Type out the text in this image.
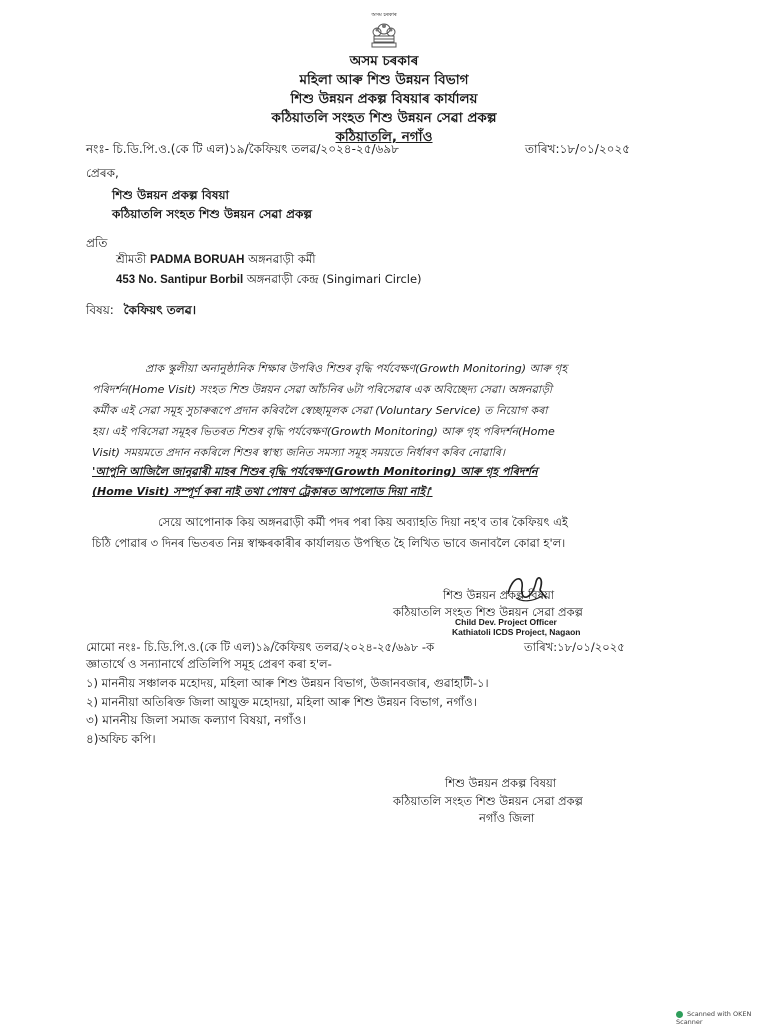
অসম চৰকাৰ
অসম চৰকাৰ
মহিলা আৰু শিশু উন্নয়ন বিভাগ
শিশু উন্নয়ন প্ৰকল্প বিষয়াৰ কাৰ্যালয়
কঠিয়াতলি সংহত শিশু উন্নয়ন সেৱা প্ৰকল্প
কঠিয়াতলি, নগাঁও
নংঃ- চি.ডি.পি.ও.(কে টি এল)১৯/কৈফিয়ৎ তলৱ/২০২৪-২৫/৬৯৮	তাৰিখ:১৮/০১/২০২৫
প্ৰেৰক,
শিশু উন্নয়ন প্ৰকল্প বিষয়া
কঠিয়াতলি সংহত শিশু উন্নয়ন সেৱা প্ৰকল্প
প্ৰতি
শ্ৰীমতী PADMA BORUAH অঙ্গনৱাড়ী কৰ্মী
453 No. Santipur Borbil অঙ্গনৱাড়ী কেন্দ্ৰ (Singimari Circle)
বিষয়: কৈফিয়ৎ তলৱ।
প্ৰাক স্কুলীয়া অনানুষ্ঠানিক শিক্ষাৰ উপৰিও শিশুৰ বৃদ্ধি পৰ্যবেক্ষণ(Growth Monitoring) আৰু গৃহ
পৰিদৰ্শন(Home Visit) সংহত শিশু উন্নয়ন সেৱা আঁচনিৰ ৬টা পৰিসেৱাৰ এক অবিচ্ছেদ্য সেৱা। অঙ্গনৱাড়ী
কৰ্মীক এই সেৱা সমূহ সুচাৰুৰূপে প্ৰদান কৰিবলৈ স্বেচ্ছামূলক সেৱা (Voluntary Service) ত নিয়োগ কৰা
হয়। এই পৰিসেৱা সমূহৰ ভিতৰত শিশুৰ বৃদ্ধি পৰ্যবেক্ষণ(Growth Monitoring) আৰু গৃহ পৰিদৰ্শন(Home
Visit) সময়মতে প্ৰদান নকৰিলে শিশুৰ স্বাস্থ্য জনিত সমস্যা সমূহ সময়তে নিৰ্ধাৰণ কৰিব নোৱাৰি।
'আপুনি আজিলৈ জানুৱাৰী মাহৰ শিশুৰ বৃদ্ধি পৰ্যবেক্ষণ(Growth Monitoring) আৰু গৃহ পৰিদৰ্শন
(Home Visit) সম্পূৰ্ণ কৰা নাই তথা পোষণ ট্ৰেকাৰত আপলোড দিয়া নাই।'
সেয়ে আপোনাক কিয় অঙ্গনৱাড়ী কৰ্মী পদৰ পৰা কিয় অব্যাহতি দিয়া নহ'ব তাৰ কৈফিয়ৎ এই
চিঠি পোৱাৰ ৩ দিনৰ ভিতৰত নিম্ন স্বাক্ষৰকাৰীৰ কাৰ্যালয়ত উপস্থিত হৈ লিখিত ভাবে জনাবলৈ কোৱা হ'ল।
শিশু উন্নয়ন প্ৰকল্প বিষয়া
কঠিয়াতলি সংহত শিশু উন্নয়ন সেৱা প্ৰকল্প
Child Dev. Project Officer
Kathiatoli ICDS Project, Nagaon
মোমো নংঃ- চি.ডি.পি.ও.(কে টি এল)১৯/কৈফিয়ৎ তলৱ/২০২৪-২৫/৬৯৮ -ক	তাৰিখ:১৮/০১/২০২৫
জ্ঞাতাৰ্থে ও সন্যানাৰ্থে প্ৰতিলিপি সমূহ প্ৰেৰণ কৰা হ'ল-
১) মাননীয় সঞ্চালক মহোদয়, মহিলা আৰু শিশু উন্নয়ন বিভাগ, উজানবজাৰ, গুৱাহাটী-১।
২) মাননীয়া অতিৰিক্ত জিলা আয়ুক্ত মহোদয়া, মহিলা আৰু শিশু উন্নয়ন বিভাগ, নগাঁও।
৩) মাননীয় জিলা সমাজ কল্যাণ বিষয়া, নগাঁও।
৪)অফিচ কপি।
শিশু উন্নয়ন প্ৰকল্প বিষয়া
কঠিয়াতলি সংহত শিশু উন্নয়ন সেৱা প্ৰকল্প
নগাঁও জিলা
Scanned with OKEN Scanner
